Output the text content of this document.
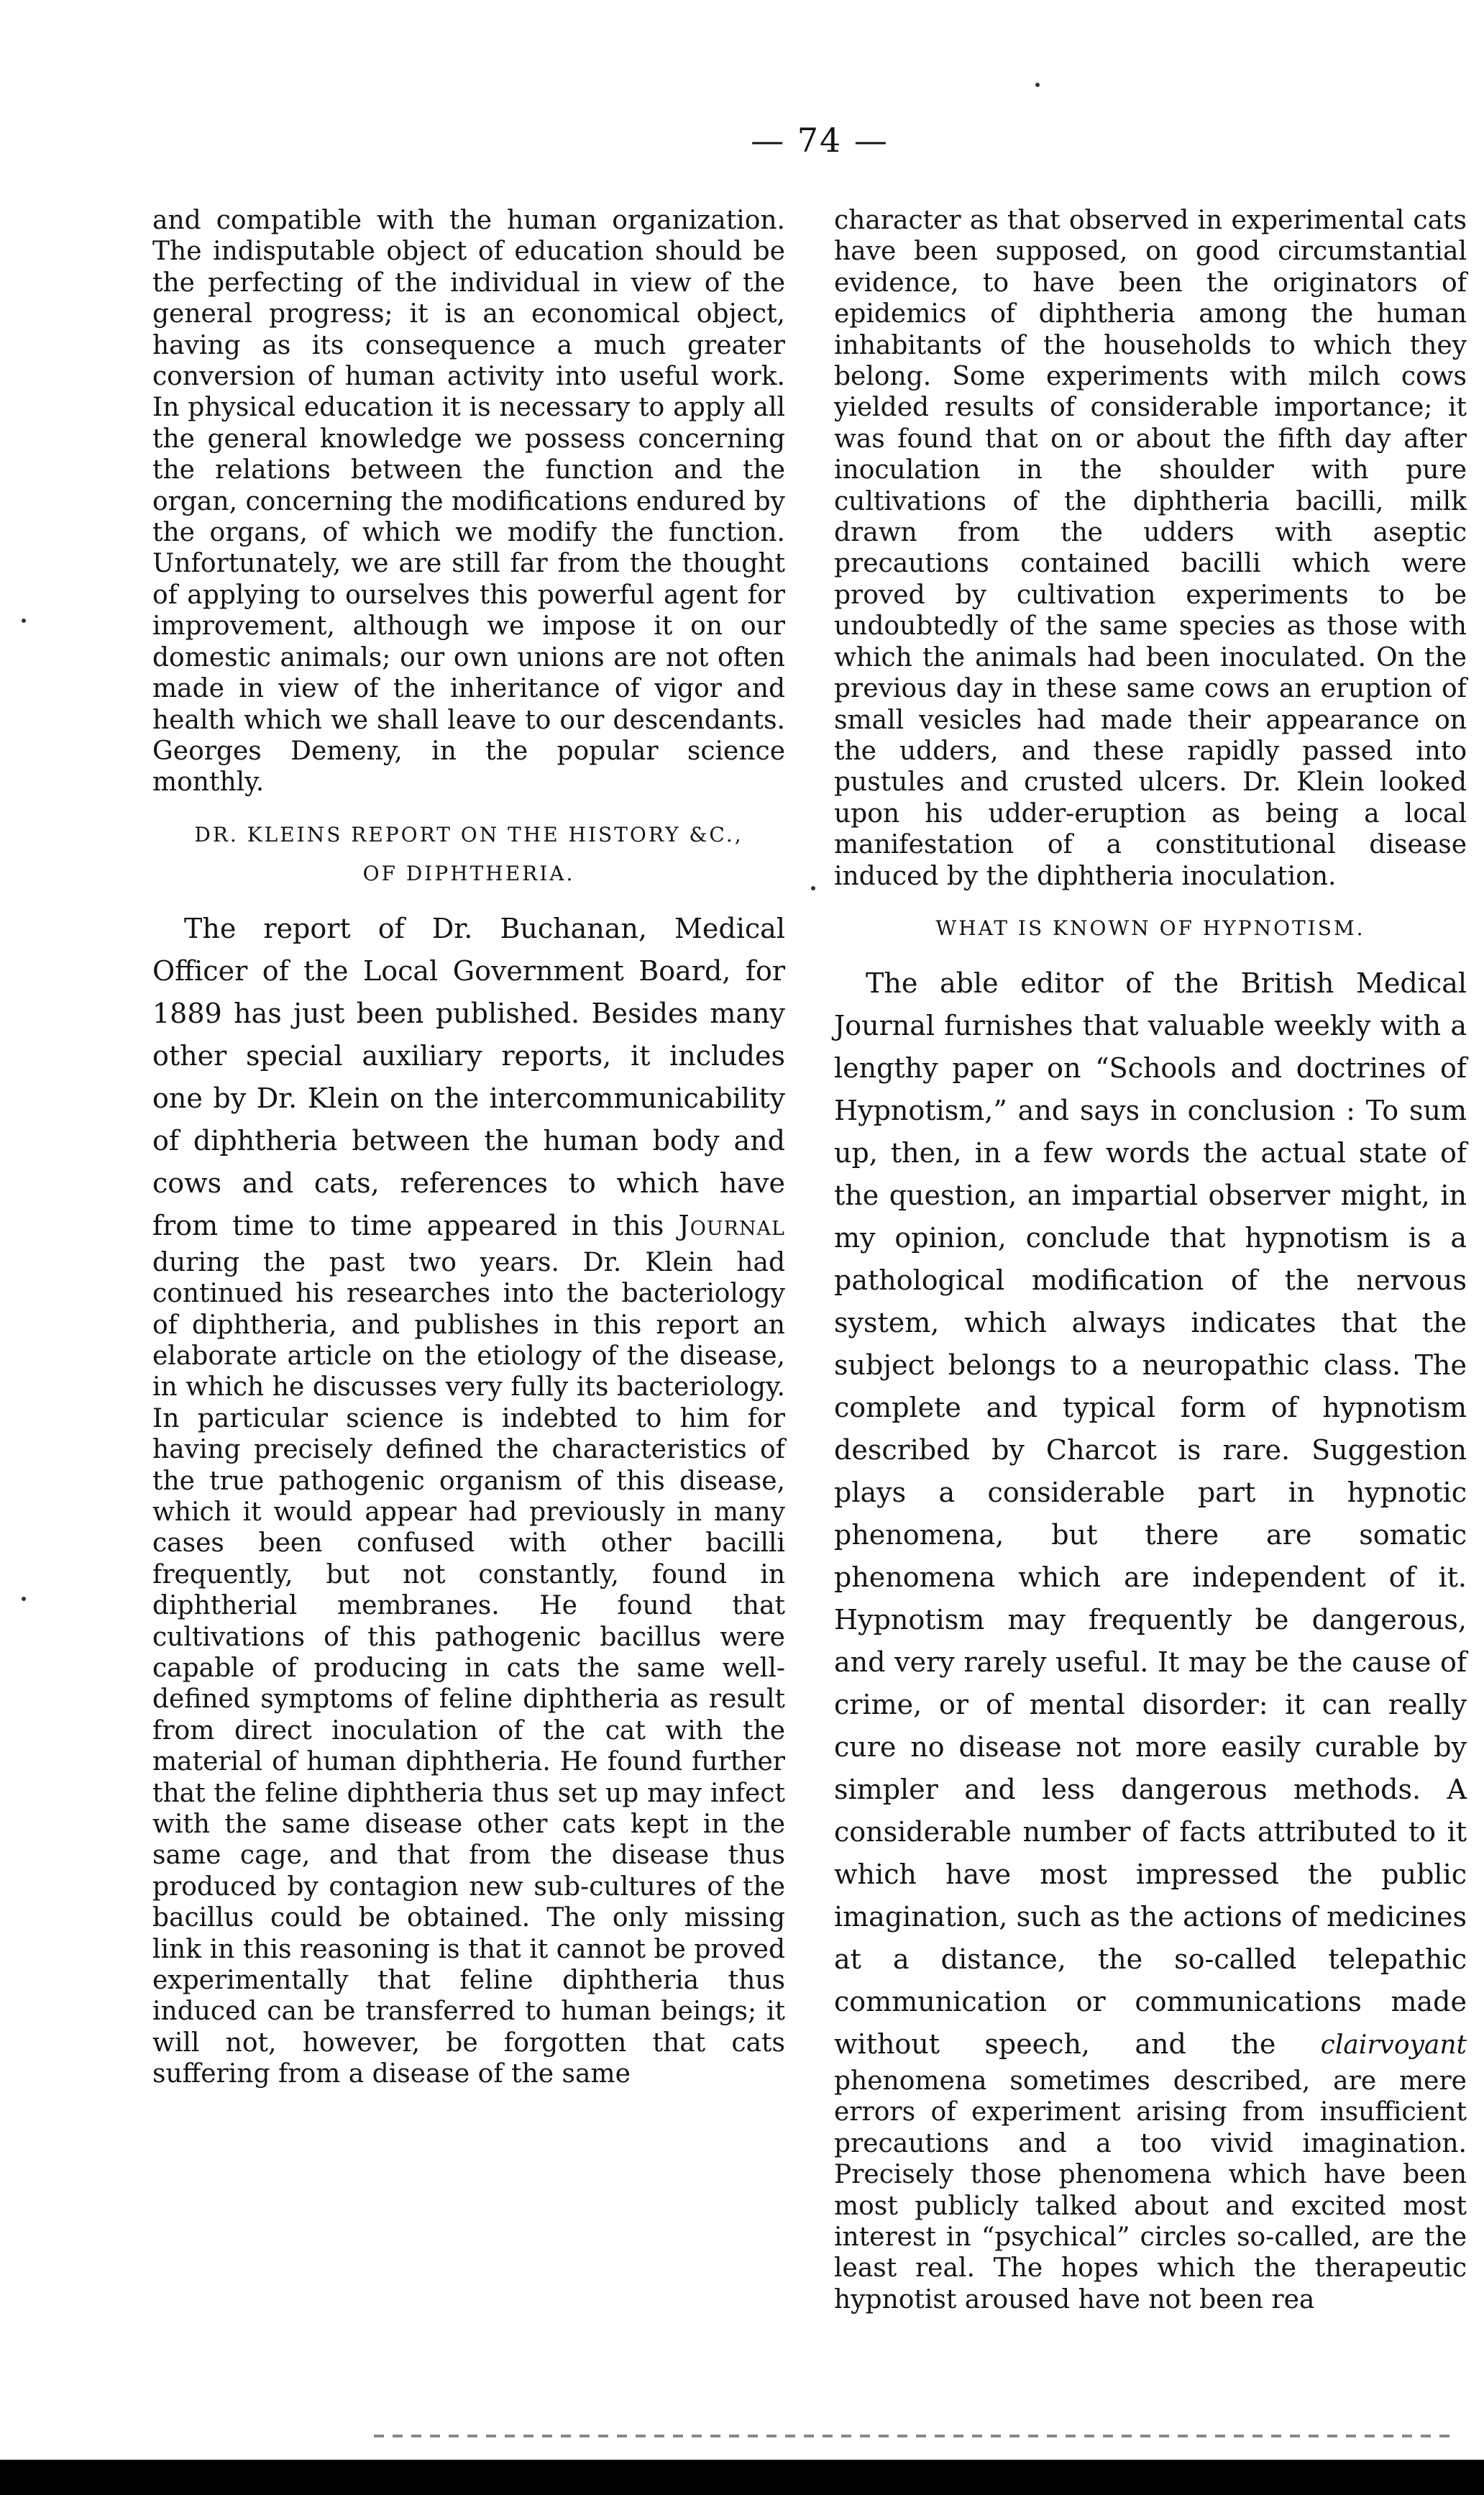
— 74 —

and compatible with the human organization. The indisputable object of education should be the perfecting of the individual in view of the general progress; it is an economical object, having as its consequence a much greater conversion of human activity into useful work. In physical education it is necessary to apply all the general knowledge we possess concerning the relations between the function and the organ, concerning the modifications endured by the organs, of which we modify the function. Unfortunately, we are still far from the thought of applying to ourselves this powerful agent for improvement, although we impose it on our domestic animals; our own unions are not often made in view of the inheritance of vigor and health which we shall leave to our descendants. Georges Demeny, in the popular science monthly.

DR. KLEINS REPORT ON THE HISTORY &C.,
OF DIPHTHERIA.

The report of Dr. Buchanan, Medical Officer of the Local Government Board, for 1889 has just been published. Besides many other special auxiliary reports, it includes one by Dr. Klein on the intercommunicability of diphtheria between the human body and cows and cats, references to which have from time to time appeared in this Journal during the past two years. Dr. Klein had continued his researches into the bacteriology of diphtheria, and publishes in this report an elaborate article on the etiology of the disease, in which he discusses very fully its bacteriology. In particular science is indebted to him for having precisely defined the characteristics of the true pathogenic organism of this disease, which it would appear had previously in many cases been confused with other bacilli frequently, but not constantly, found in diphtherial membranes. He found that cultivations of this pathogenic bacillus were capable of producing in cats the same well-defined symptoms of feline diphtheria as result from direct inoculation of the cat with the material of human diphtheria. He found further that the feline diphtheria thus set up may infect with the same disease other cats kept in the same cage, and that from the disease thus produced by contagion new sub-cultures of the bacillus could be obtained. The only missing link in this reasoning is that it cannot be proved experimentally that feline diphtheria thus induced can be transferred to human beings; it will not, however, be forgotten that cats suffering from a disease of the same

character as that observed in experimental cats have been supposed, on good circumstantial evidence, to have been the originators of epidemics of diphtheria among the human inhabitants of the households to which they belong. Some experiments with milch cows yielded results of considerable importance; it was found that on or about the fifth day after inoculation in the shoulder with pure cultivations of the diphtheria bacilli, milk drawn from the udders with aseptic precautions contained bacilli which were proved by cultivation experiments to be undoubtedly of the same species as those with which the animals had been inoculated. On the previous day in these same cows an eruption of small vesicles had made their appearance on the udders, and these rapidly passed into pustules and crusted ulcers. Dr. Klein looked upon his udder-eruption as being a local manifestation of a constitutional disease induced by the diphtheria inoculation.

WHAT IS KNOWN OF HYPNOTISM.

The able editor of the British Medical Journal furnishes that valuable weekly with a lengthy paper on “Schools and doctrines of Hypnotism,” and says in conclusion : To sum up, then, in a few words the actual state of the question, an impartial observer might, in my opinion, conclude that hypnotism is a pathological modification of the nervous system, which always indicates that the subject belongs to a neuropathic class. The complete and typical form of hypnotism described by Charcot is rare. Suggestion plays a considerable part in hypnotic phenomena, but there are somatic phenomena which are independent of it. Hypnotism may frequently be dangerous, and very rarely useful. It may be the cause of crime, or of mental disorder: it can really cure no disease not more easily curable by simpler and less dangerous methods. A considerable number of facts attributed to it which have most impressed the public imagination, such as the actions of medicines at a distance, the so-called telepathic communication or communications made without speech, and the clairvoyant phenomena sometimes described, are mere errors of experiment arising from insufficient precautions and a too vivid imagination. Precisely those phenomena which have been most publicly talked about and excited most interest in “psychical” circles so-called, are the least real. The hopes which the therapeutic hypnotist aroused have not been rea
